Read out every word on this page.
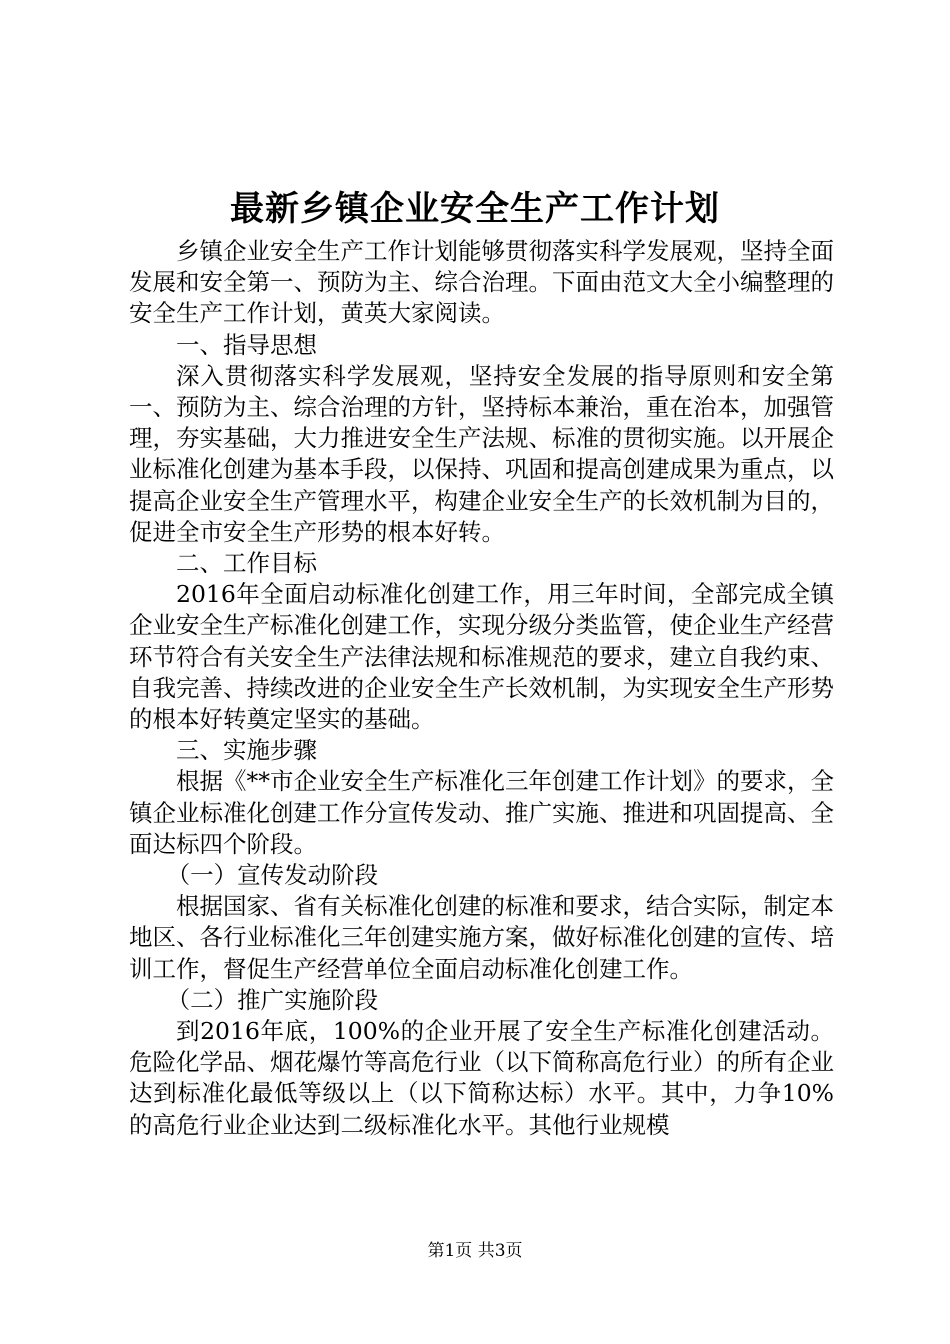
最新乡镇企业安全生产工作计划

乡镇企业安全生产工作计划能够贯彻落实科学发展观，坚持全面发展和安全第一、预防为主、综合治理。下面由范文大全小编整理的安全生产工作计划，黄英大家阅读。

一、指导思想

深入贯彻落实科学发展观，坚持安全发展的指导原则和安全第一、预防为主、综合治理的方针，坚持标本兼治，重在治本，加强管理，夯实基础，大力推进安全生产法规、标准的贯彻实施。以开展企业标准化创建为基本手段，以保持、巩固和提高创建成果为重点，以提高企业安全生产管理水平，构建企业安全生产的长效机制为目的，促进全市安全生产形势的根本好转。

二、工作目标

2016年全面启动标准化创建工作，用三年时间，全部完成全镇企业安全生产标准化创建工作，实现分级分类监管，使企业生产经营环节符合有关安全生产法律法规和标准规范的要求，建立自我约束、自我完善、持续改进的企业安全生产长效机制，为实现安全生产形势的根本好转奠定坚实的基础。

三、实施步骤

根据《**市企业安全生产标准化三年创建工作计划》的要求，全镇企业标准化创建工作分宣传发动、推广实施、推进和巩固提高、全面达标四个阶段。

（一）宣传发动阶段

根据国家、省有关标准化创建的标准和要求，结合实际，制定本地区、各行业标准化三年创建实施方案，做好标准化创建的宣传、培训工作，督促生产经营单位全面启动标准化创建工作。

（二）推广实施阶段

到2016年底，100%的企业开展了安全生产标准化创建活动。危险化学品、烟花爆竹等高危行业（以下简称高危行业）的所有企业达到标准化最低等级以上（以下简称达标）水平。其中，力争10%的高危行业企业达到二级标准化水平。其他行业规模

第1页 共3页
